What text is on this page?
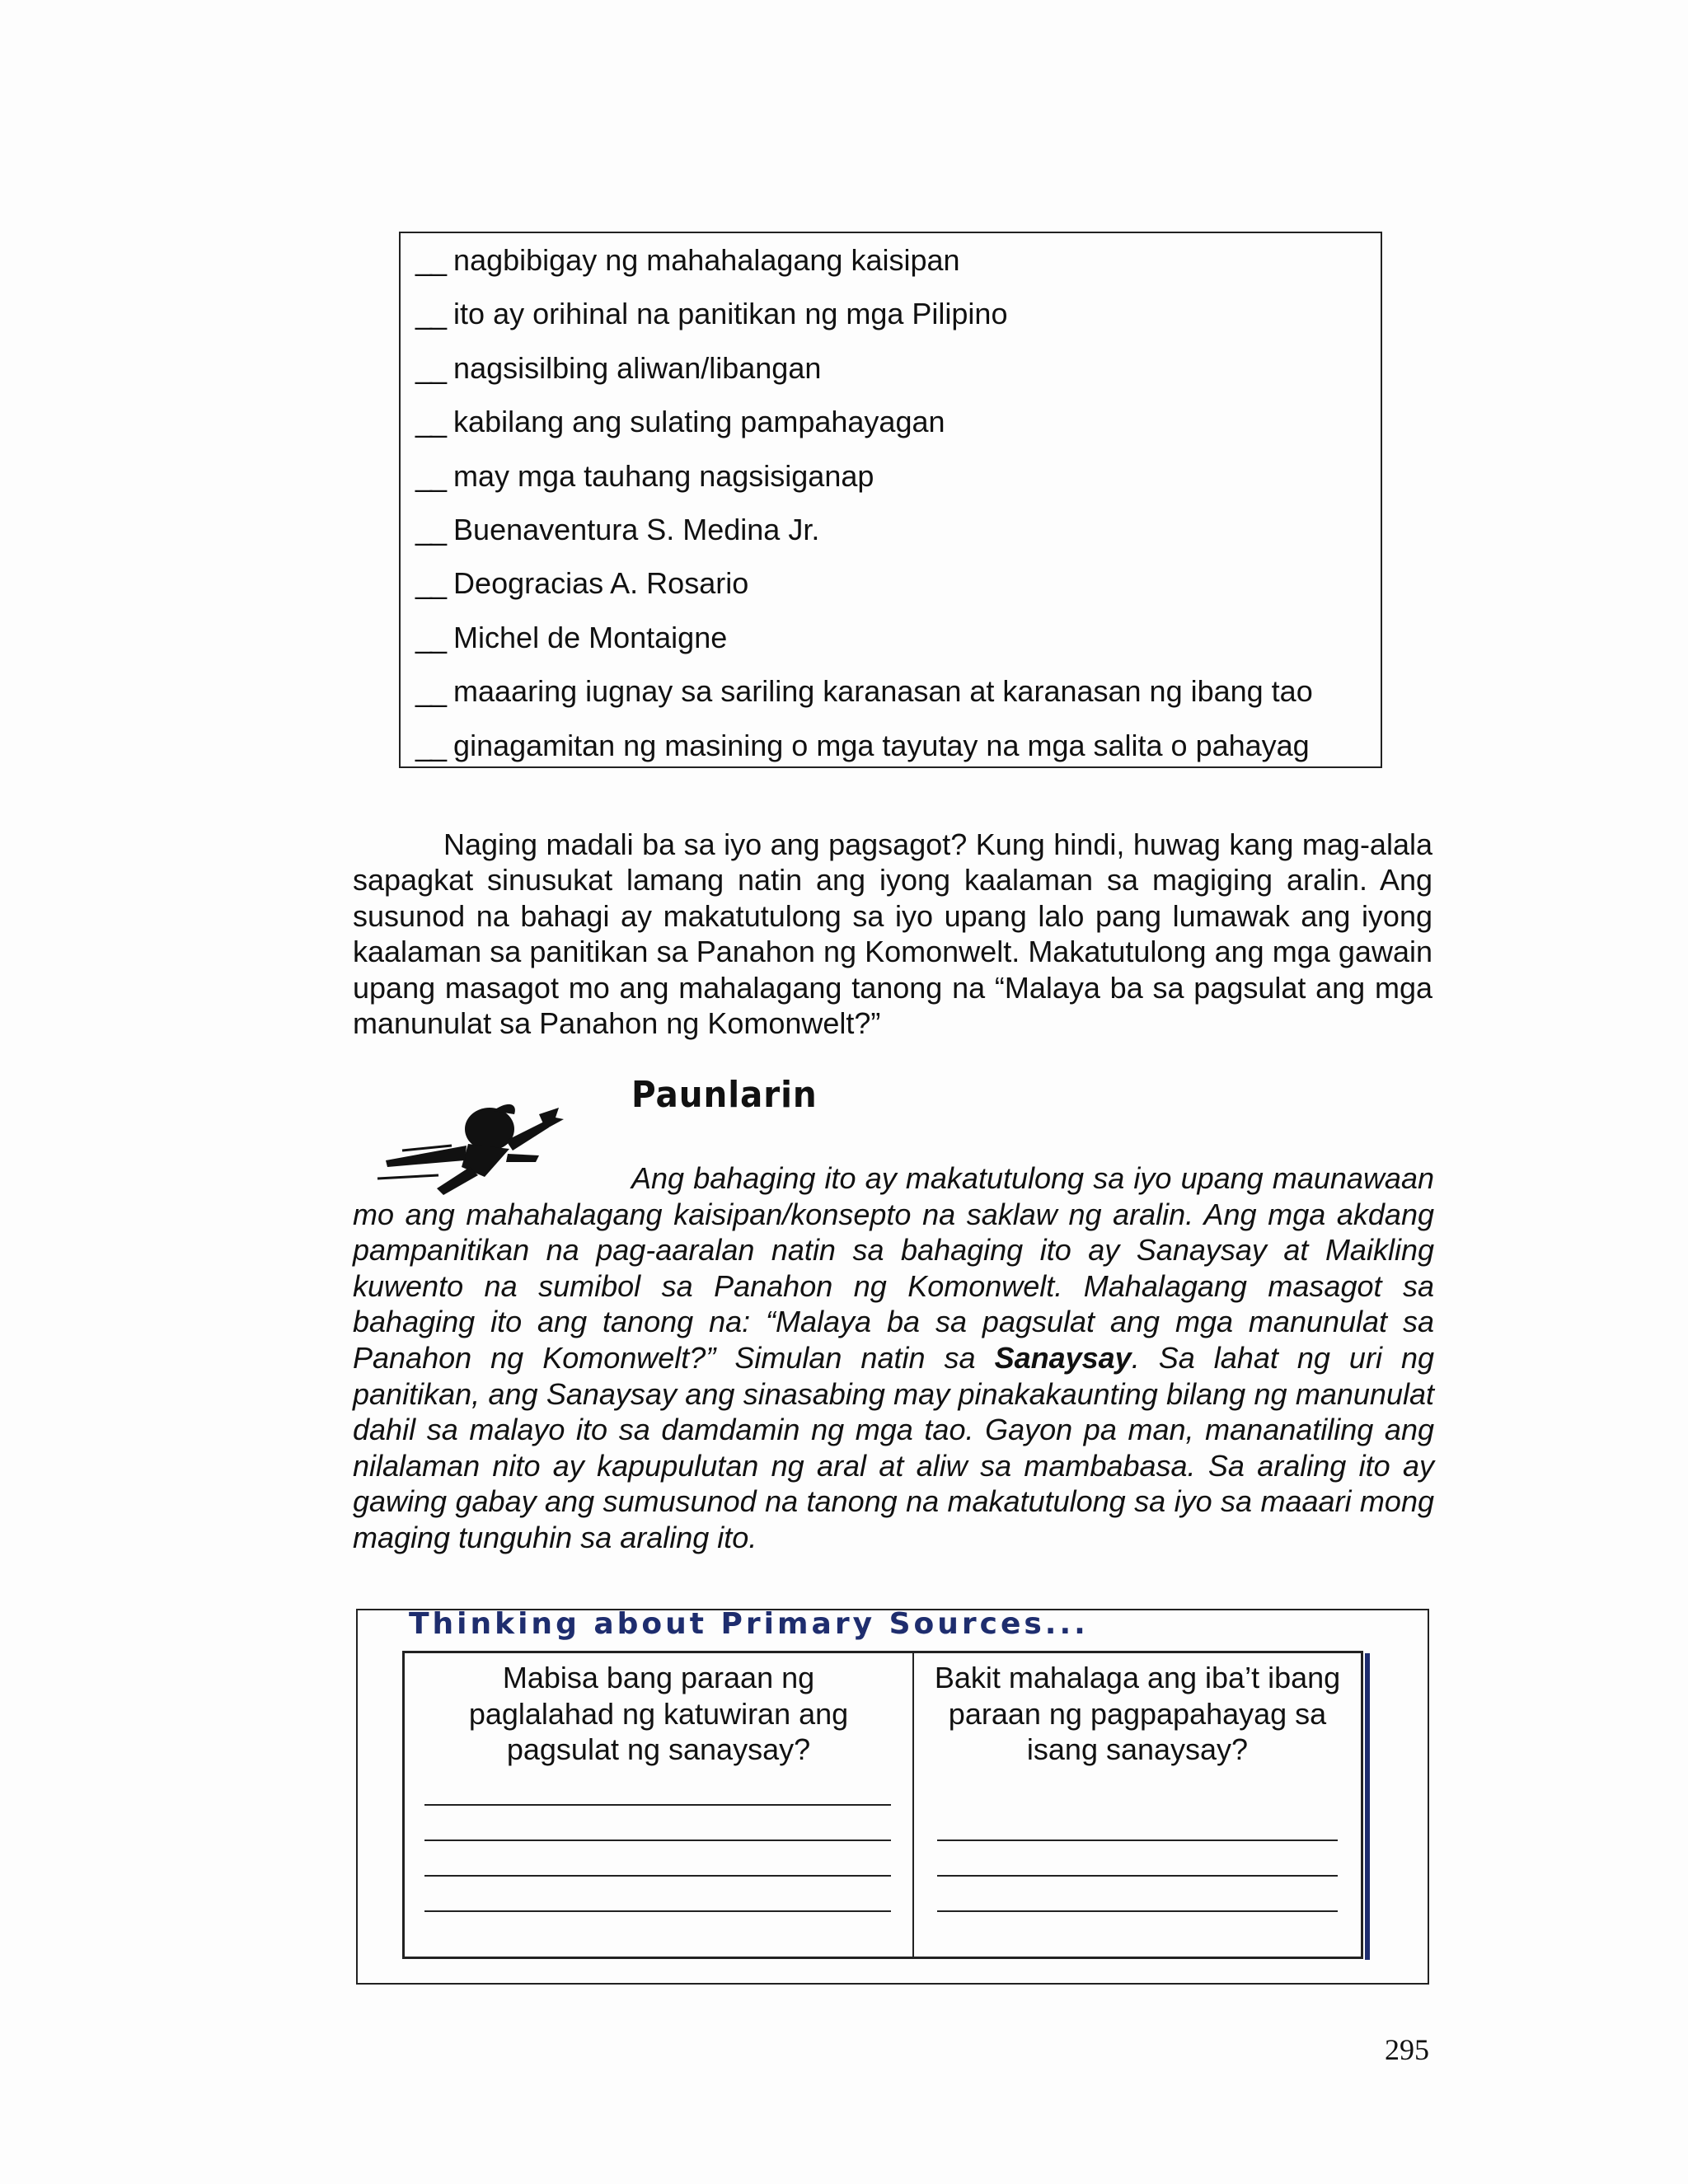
__ nagbibigay ng mahahalagang kaisipan
__ ito ay orihinal na panitikan ng mga Pilipino
__ nagsisilbing aliwan/libangan
__ kabilang ang sulating pampahayagan
__ may mga tauhang nagsisiganap
__ Buenaventura S. Medina Jr.
__ Deogracias A. Rosario
__ Michel de Montaigne
__ maaaring iugnay sa sariling karanasan at karanasan ng ibang tao
__ ginagamitan ng masining o mga tayutay na mga salita o pahayag

Naging madali ba sa iyo ang pagsagot? Kung hindi, huwag kang mag-alala sapagkat sinusukat lamang natin ang iyong kaalaman sa magiging aralin. Ang susunod na bahagi ay makatutulong sa iyo upang lalo pang lumawak ang iyong kaalaman sa panitikan sa Panahon ng Komonwelt. Makatutulong ang mga gawain upang masagot mo ang mahalagang tanong na “Malaya ba sa pagsulat ang mga manunulat sa Panahon ng Komonwelt?”

Paunlarin

Ang bahaging ito ay makatutulong sa iyo upang maunawaan mo ang mahahalagang kaisipan/konsepto na saklaw ng aralin. Ang mga akdang pampanitikan na pag-aaralan natin sa bahaging ito ay Sanaysay at Maikling kuwento na sumibol sa Panahon ng Komonwelt. Mahalagang masagot sa bahaging ito ang tanong na: “Malaya ba sa pagsulat ang mga manunulat sa Panahon ng Komonwelt?” Simulan natin sa Sanaysay. Sa lahat ng uri ng panitikan, ang Sanaysay ang sinasabing may pinakakaunting bilang ng manunulat dahil sa malayo ito sa damdamin ng mga tao. Gayon pa man, mananatiling ang nilalaman nito ay kapupulutan ng aral at aliw sa mambabasa. Sa araling ito ay gawing gabay ang sumusunod na tanong na makatutulong sa iyo sa maaari mong maging tunguhin sa araling ito.

Thinking about Primary Sources...

Mabisa bang paraan ng paglalahad ng katuwiran ang pagsulat ng sanaysay?

Bakit mahalaga ang iba’t ibang paraan ng pagpapahayag sa isang sanaysay?

295
